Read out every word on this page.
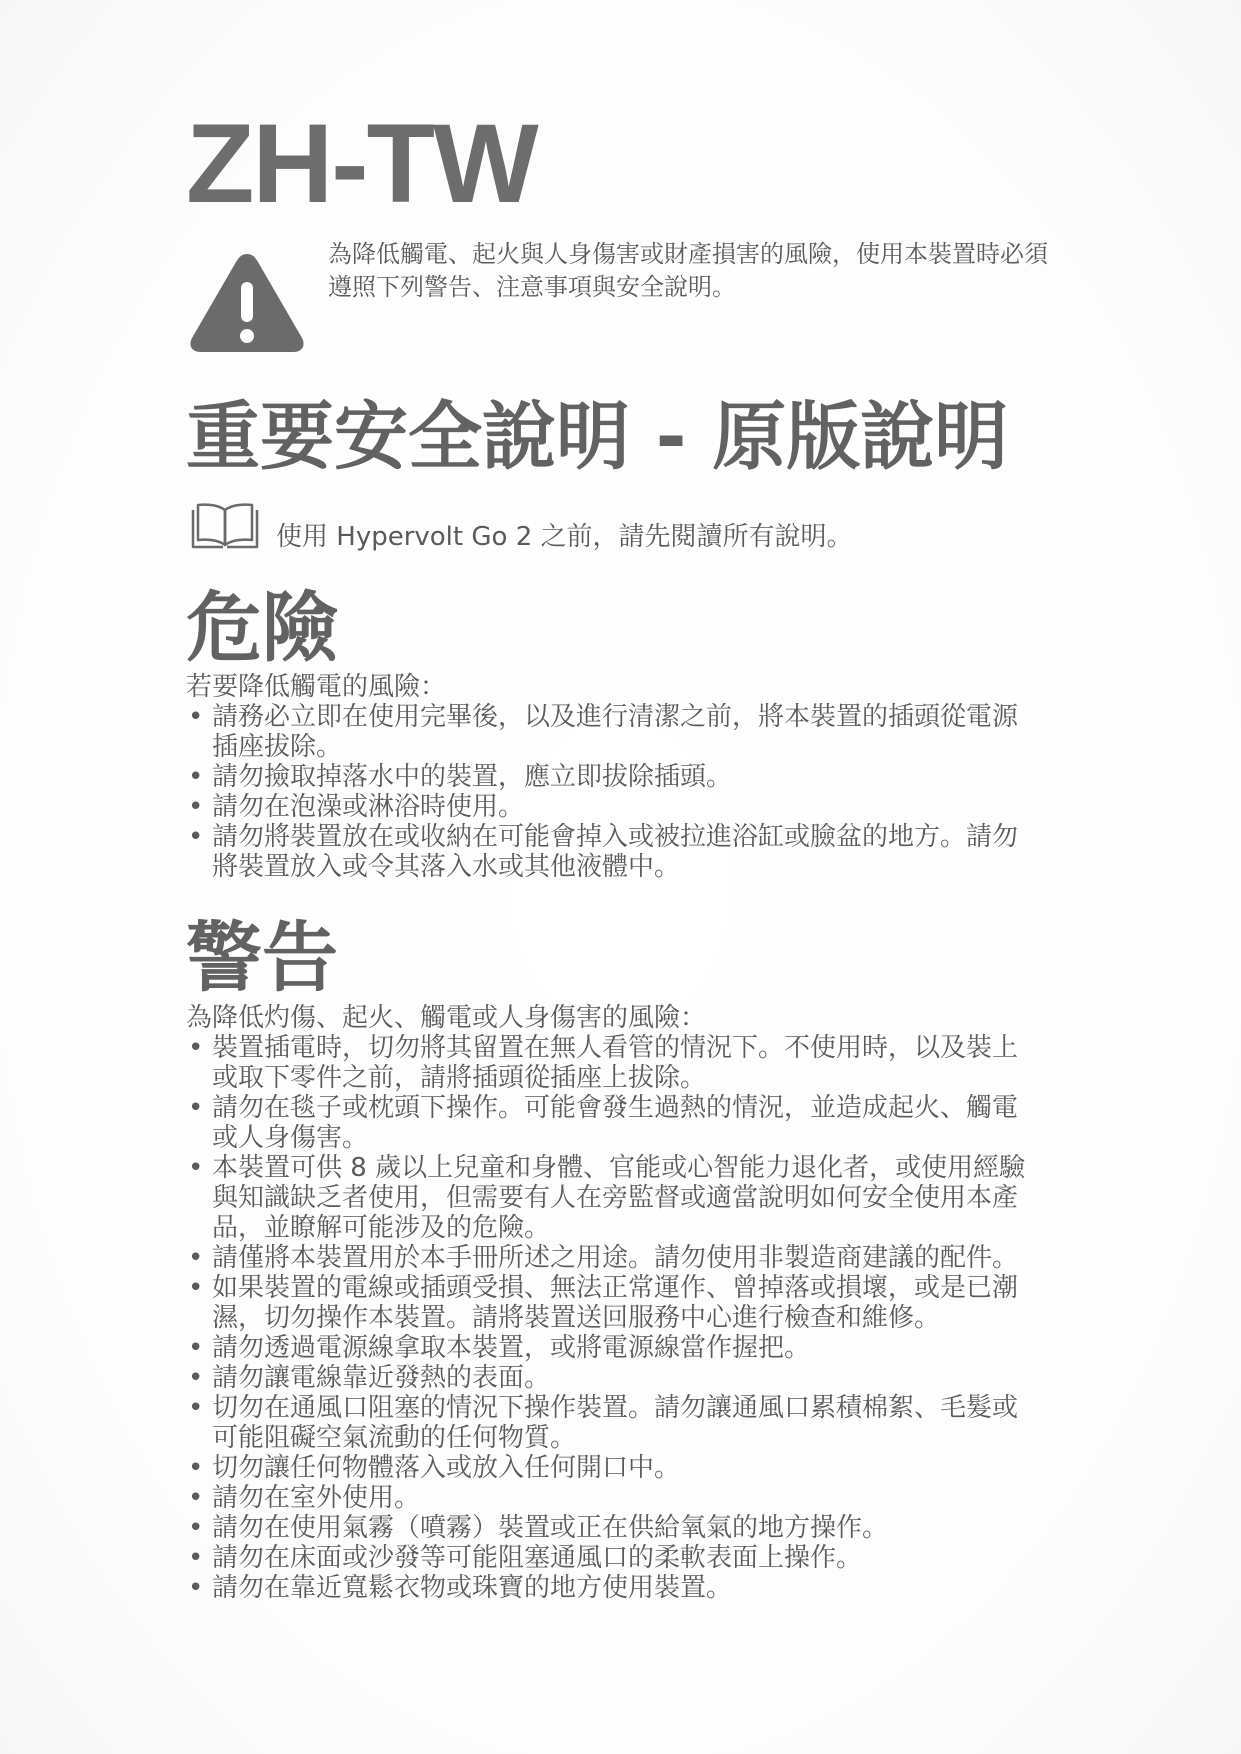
ZH-TW

為降低觸電、起火與人身傷害或財產損害的風險，使用本裝置時必須遵照下列警告、注意事項與安全說明。

重要安全說明 - 原版說明

使用 Hypervolt Go 2 之前，請先閱讀所有說明。

危險

若要降低觸電的風險：

• 請務必立即在使用完畢後，以及進行清潔之前，將本裝置的插頭從電源插座拔除。
• 請勿撿取掉落水中的裝置，應立即拔除插頭。
• 請勿在泡澡或淋浴時使用。
• 請勿將裝置放在或收納在可能會掉入或被拉進浴缸或臉盆的地方。請勿將裝置放入或令其落入水或其他液體中。
警告

為降低灼傷、起火、觸電或人身傷害的風險：

• 裝置插電時，切勿將其留置在無人看管的情況下。不使用時，以及裝上或取下零件之前，請將插頭從插座上拔除。
• 請勿在毯子或枕頭下操作。可能會發生過熱的情況，並造成起火、觸電或人身傷害。
• 本裝置可供 8 歲以上兒童和身體、官能或心智能力退化者，或使用經驗與知識缺乏者使用，但需要有人在旁監督或適當說明如何安全使用本產品，並瞭解可能涉及的危險。
• 請僅將本裝置用於本手冊所述之用途。請勿使用非製造商建議的配件。
• 如果裝置的電線或插頭受損、無法正常運作、曾掉落或損壞，或是已潮濕，切勿操作本裝置。請將裝置送回服務中心進行檢查和維修。
• 請勿透過電源線拿取本裝置，或將電源線當作握把。
• 請勿讓電線靠近發熱的表面。
• 切勿在通風口阻塞的情況下操作裝置。請勿讓通風口累積棉絮、毛髮或可能阻礙空氣流動的任何物質。
• 切勿讓任何物體落入或放入任何開口中。
• 請勿在室外使用。
• 請勿在使用氣霧（噴霧）裝置或正在供給氧氣的地方操作。
• 請勿在床面或沙發等可能阻塞通風口的柔軟表面上操作。
• 請勿在靠近寬鬆衣物或珠寶的地方使用裝置。
